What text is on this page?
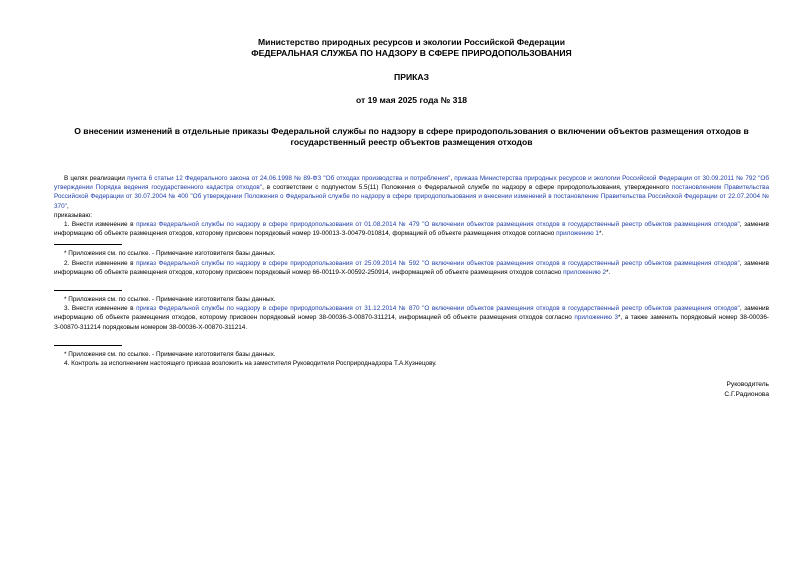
Министерство природных ресурсов и экологии Российской Федерации
ФЕДЕРАЛЬНАЯ СЛУЖБА ПО НАДЗОРУ В СФЕРЕ ПРИРОДОПОЛЬЗОВАНИЯ
ПРИКАЗ
от 19 мая 2025 года № 318
О внесении изменений в отдельные приказы Федеральной службы по надзору в сфере природопользования о включении объектов размещения отходов в государственный реестр объектов размещения отходов

В целях реализации пункта 6 статьи 12 Федерального закона от 24.06.1998 № 89-ФЗ "Об отходах производства и потребления", приказа Министерства природных ресурсов и экологии Российской Федерации от 30.09.2011 № 792 "Об утверждении Порядка ведения государственного кадастра отходов", в соответствии с подпунктом 5.5(11) Положения о Федеральной службе по надзору в сфере природопользования, утвержденного постановлением Правительства Российской Федерации от 30.07.2004 № 400 "Об утверждении Положения о Федеральной службе по надзору в сфере природопользования и внесении изменений в постановление Правительства Российской Федерации от 22.07.2004 № 370",

приказываю:

1. Внести изменение в приказ Федеральной службы по надзору в сфере природопользования от 01.08.2014 № 479 "О включении объектов размещения отходов в государственный реестр объектов размещения отходов", заменив информацию об объекте размещения отходов, которому присвоен порядковый номер 19-00013-З-00479-010814, формацией об объекте размещения отходов согласно приложению 1*.

* Приложения см. по ссылке. - Примечание изготовителя базы данных.

2. Внести изменение в приказ Федеральной службы по надзору в сфере природопользования от 25.09.2014 № 592 "О включении объектов размещения отходов в государственный реестр объектов размещения отходов", заменив информацию об объекте размещения отходов, которому присвоен порядковый номер 66-00119-Х-00592-250914, информацией об объекте размещения отходов согласно приложению 2*.

* Приложения см. по ссылке. - Примечание изготовителя базы данных.

3. Внести изменение в приказ Федеральной службы по надзору в сфере природопользования от 31.12.2014 № 870 "О включении объектов размещения отходов в государственный реестр объектов размещения отходов", заменив информацию об объекте размещения отходов, которому присвоен порядковый номер 38-00036-З-00870-311214, информацией об объекте размещения отходов согласно приложению 3*, а также заменить порядковый номер 38-00036-З-00870-311214 порядковым номером 38-00036-Х-00870-311214.

* Приложения см. по ссылке. - Примечание изготовителя базы данных.

4. Контроль за исполнением настоящего приказа возложить на заместителя Руководителя Росприроднадзора Т.А.Кузнецову.

Руководитель
С.Г.Радионова
